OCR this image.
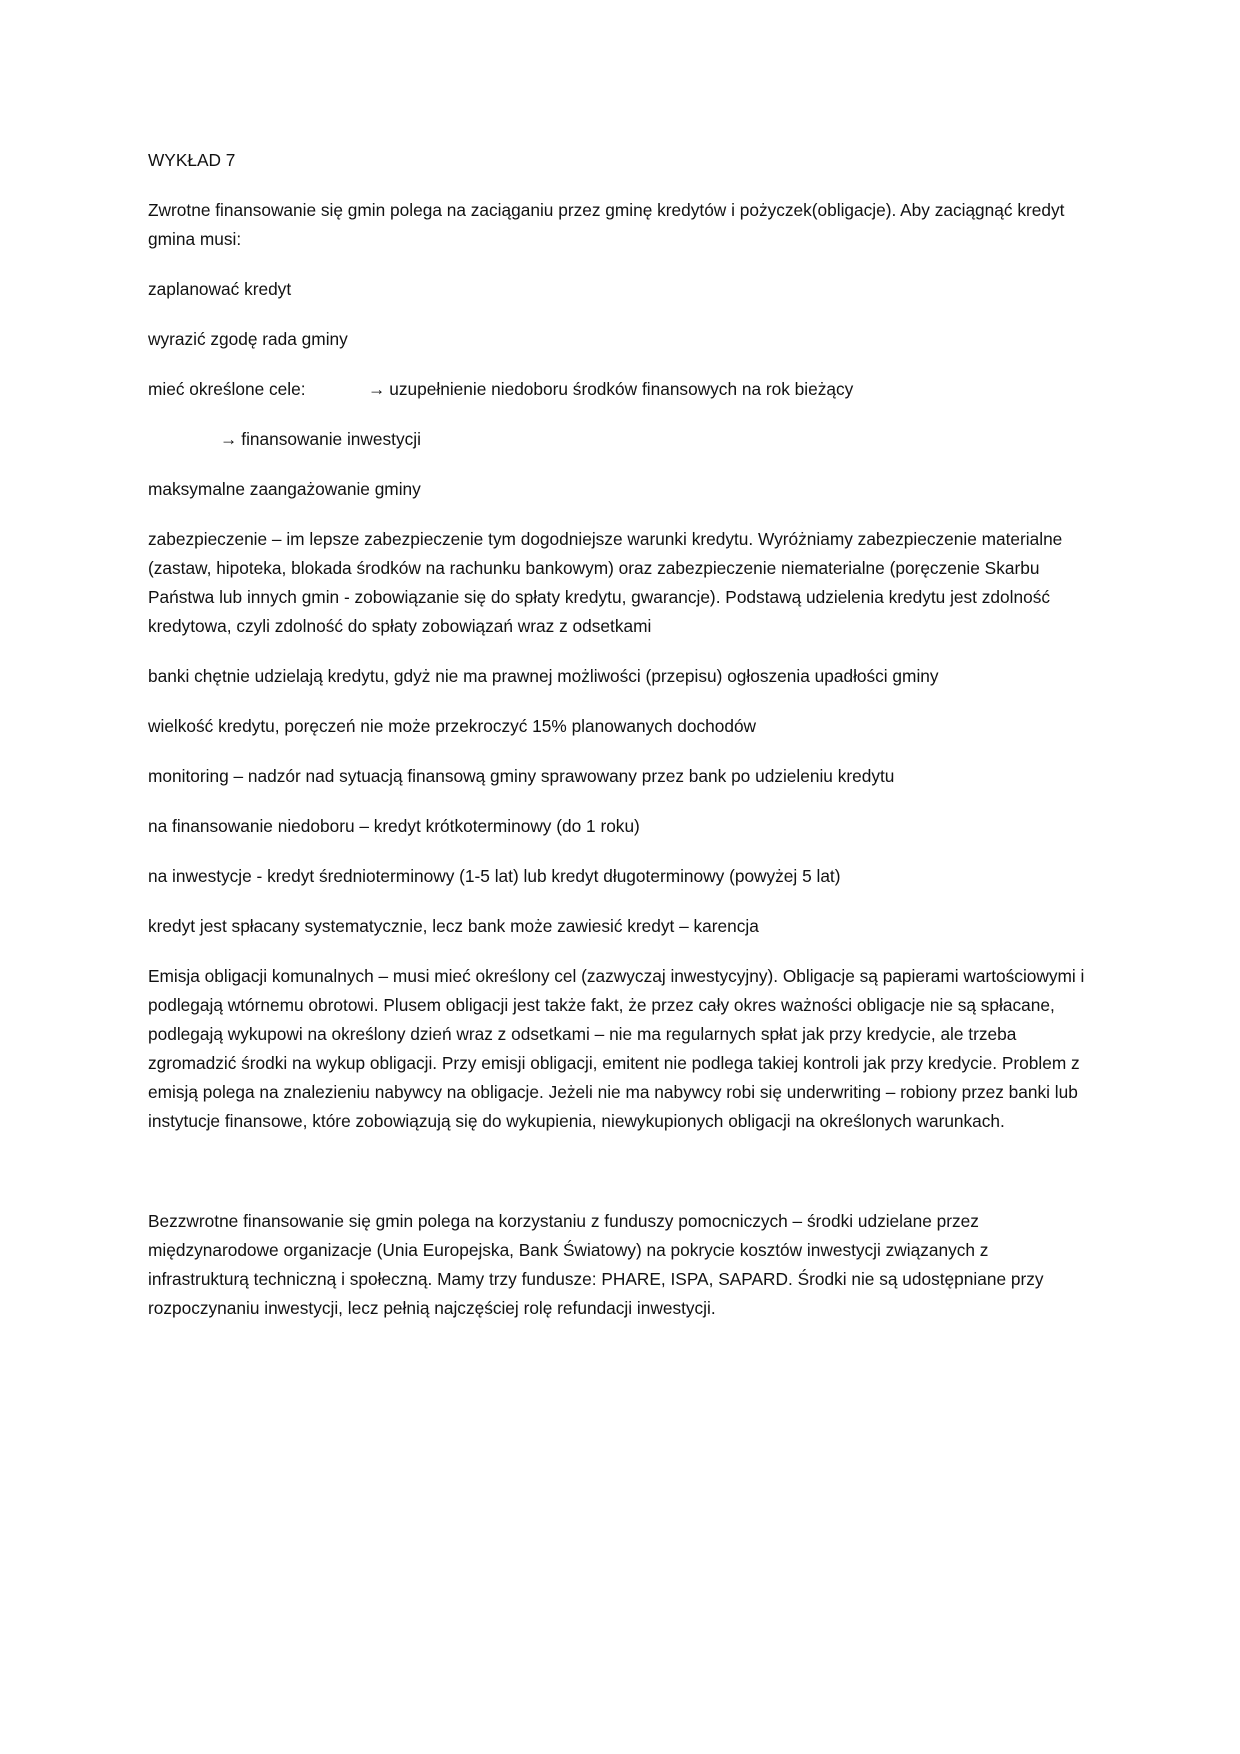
WYKŁAD 7

Zwrotne finansowanie się gmin polega na zaciąganiu przez gminę kredytów i pożyczek(obligacje). Aby zaciągnąć kredyt gmina musi:

zaplanować kredyt

wyrazić zgodę rada gminy

mieć określone cele:	→ uzupełnienie niedoboru środków finansowych na rok bieżący

→ finansowanie inwestycji

maksymalne zaangażowanie gminy

zabezpieczenie – im lepsze zabezpieczenie tym dogodniejsze warunki kredytu. Wyróżniamy zabezpieczenie materialne (zastaw, hipoteka, blokada środków na rachunku bankowym) oraz zabezpieczenie niematerialne (poręczenie Skarbu Państwa lub innych gmin - zobowiązanie się do spłaty kredytu, gwarancje). Podstawą udzielenia kredytu jest zdolność kredytowa, czyli zdolność do spłaty zobowiązań wraz z odsetkami

banki chętnie udzielają kredytu, gdyż nie ma prawnej możliwości (przepisu) ogłoszenia upadłości gminy

wielkość kredytu, poręczeń nie może przekroczyć 15% planowanych dochodów

monitoring – nadzór nad sytuacją finansową gminy sprawowany przez bank po udzieleniu kredytu

na finansowanie niedoboru – kredyt krótkoterminowy (do 1 roku)

na inwestycje - kredyt średnioterminowy (1-5 lat) lub kredyt długoterminowy (powyżej 5 lat)

kredyt jest spłacany systematycznie, lecz bank może zawiesić kredyt – karencja

Emisja obligacji komunalnych – musi mieć określony cel (zazwyczaj inwestycyjny). Obligacje są papierami wartościowymi i podlegają wtórnemu obrotowi. Plusem obligacji jest także fakt, że przez cały okres ważności obligacje nie są spłacane, podlegają wykupowi na określony dzień wraz z odsetkami – nie ma regularnych spłat jak przy kredycie, ale trzeba zgromadzić środki na wykup obligacji. Przy emisji obligacji, emitent nie podlega takiej kontroli jak przy kredycie. Problem z emisją polega na znalezieniu nabywcy na obligacje. Jeżeli nie ma nabywcy robi się underwriting – robiony przez banki lub instytucje finansowe, które zobowiązują się do wykupienia, niewykupionych obligacji na określonych warunkach.

Bezzwrotne finansowanie się gmin polega na korzystaniu z funduszy pomocniczych – środki udzielane przez międzynarodowe organizacje (Unia Europejska, Bank Światowy) na pokrycie kosztów inwestycji związanych z infrastrukturą techniczną i społeczną. Mamy trzy fundusze: PHARE, ISPA, SAPARD. Środki nie są udostępniane przy rozpoczynaniu inwestycji, lecz pełnią najczęściej rolę refundacji inwestycji.
